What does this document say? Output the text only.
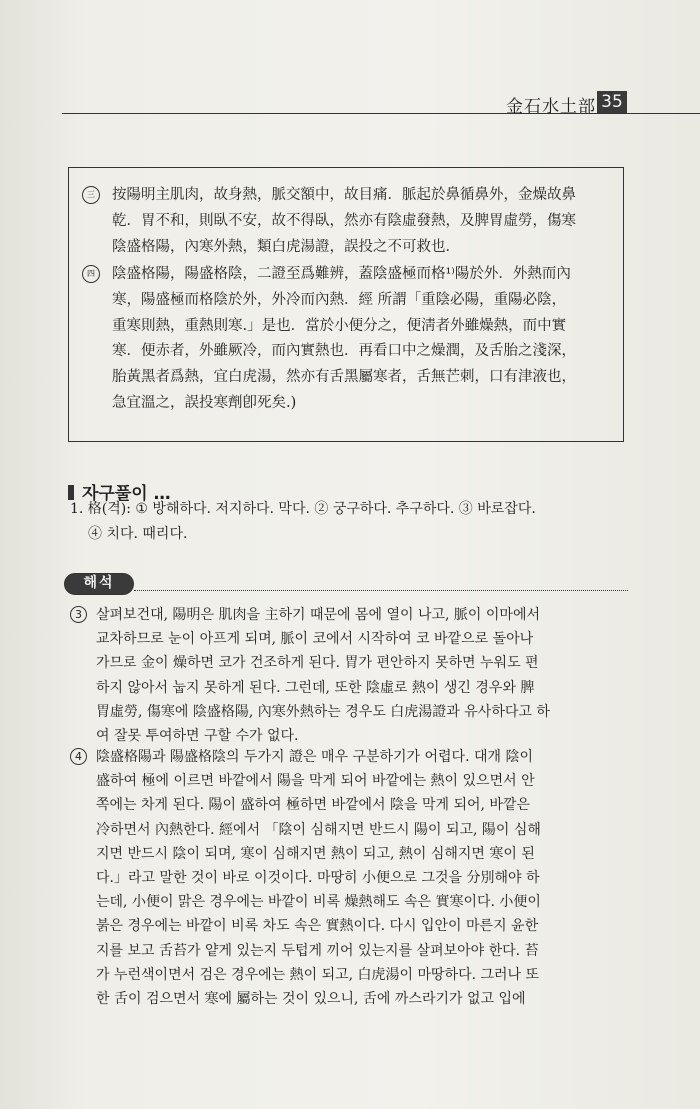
金石水土部 35
三 按陽明主肌肉，故身熱，脈交額中，故目痛．脈起於鼻循鼻外，金燥故鼻
乾．胃不和，則臥不安，故不得臥，然亦有陰虛發熱，及脾胃虛勞，傷寒
陰盛格陽，內寒外熱，類白虎湯證，誤投之不可救也．
四 陰盛格陽，陽盛格陰，二證至爲難辨，蓋陰盛極而格¹⁾陽於外．外熱而內
寒，陽盛極而格陰於外，外冷而內熱．經 所謂「重陰必陽，重陽必陰，
重寒則熱，重熱則寒.」是也．當於小便分之，便淸者外雖燥熱，而中實
寒．便赤者，外雖厥冷，而內實熱也．再看口中之燥潤，及舌胎之淺深，
胎黃黑者爲熱，宜白虎湯，然亦有舌黑屬寒者，舌無芒刺，口有津液也，
急宜溫之，誤投寒劑卽死矣.)
자구풀이 …
1. 格(격): ① 방해하다. 저지하다. 막다. ② 궁구하다. 추구하다. ③ 바로잡다.
④ 치다. 때리다.
해석
3 살펴보건대, 陽明은 肌肉을 主하기 때문에 몸에 열이 나고, 脈이 이마에서
교차하므로 눈이 아프게 되며, 脈이 코에서 시작하여 코 바깥으로 돌아나
가므로 金이 燥하면 코가 건조하게 된다. 胃가 편안하지 못하면 누워도 편
하지 않아서 눕지 못하게 된다. 그런데, 또한 陰虛로 熱이 생긴 경우와 脾
胃虛勞, 傷寒에 陰盛格陽, 內寒外熱하는 경우도 白虎湯證과 유사하다고 하
여 잘못 투여하면 구할 수가 없다.
4 陰盛格陽과 陽盛格陰의 두가지 證은 매우 구분하기가 어렵다. 대개 陰이
盛하여 極에 이르면 바깥에서 陽을 막게 되어 바깥에는 熱이 있으면서 안
쪽에는 차게 된다. 陽이 盛하여 極하면 바깥에서 陰을 막게 되어, 바깥은
冷하면서 內熱한다. 經에서 「陰이 심해지면 반드시 陽이 되고, 陽이 심해
지면 반드시 陰이 되며, 寒이 심해지면 熱이 되고, 熱이 심해지면 寒이 된
다.」라고 말한 것이 바로 이것이다. 마땅히 小便으로 그것을 分別해야 하
는데, 小便이 맑은 경우에는 바깥이 비록 燥熱해도 속은 實寒이다. 小便이
붉은 경우에는 바깥이 비록 차도 속은 實熱이다. 다시 입안이 마른지 윤한
지를 보고 舌苔가 얕게 있는지 두텁게 끼어 있는지를 살펴보아야 한다. 苔
가 누런색이면서 검은 경우에는 熱이 되고, 白虎湯이 마땅하다. 그러나 또
한 舌이 검으면서 寒에 屬하는 것이 있으니, 舌에 까스라기가 없고 입에
